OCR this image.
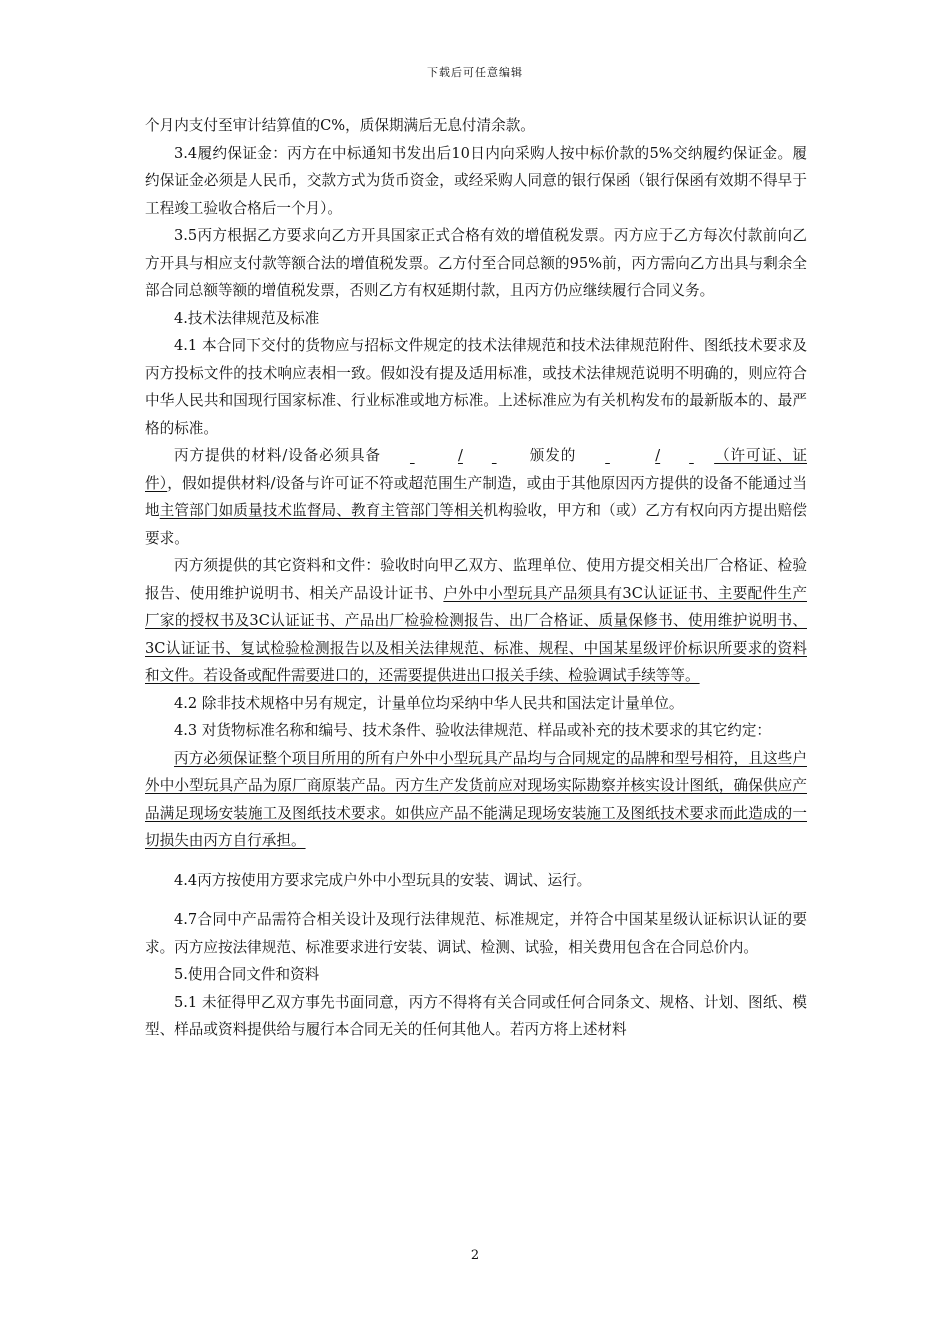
下载后可任意编辑

个月内支付至审计结算值的C%，质保期满后无息付清余款。

3.4履约保证金：丙方在中标通知书发出后10日内向采购人按中标价款的5%交纳履约保证金。履约保证金必须是人民币，交款方式为货币资金，或经采购人同意的银行保函（银行保函有效期不得早于工程竣工验收合格后一个月）。

3.5丙方根据乙方要求向乙方开具国家正式合格有效的增值税发票。丙方应于乙方每次付款前向乙方开具与相应支付款等额合法的增值税发票。乙方付至合同总额的95%前，丙方需向乙方出具与剩余全部合同总额等额的增值税发票，否则乙方有权延期付款，且丙方仍应继续履行合同义务。

4.技术法律规范及标准

4.1 本合同下交付的货物应与招标文件规定的技术法律规范和技术法律规范附件、图纸技术要求及丙方投标文件的技术响应表相一致。假如没有提及适用标准，或技术法律规范说明不明确的，则应符合中华人民共和国现行国家标准、行业标准或地方标准。上述标准应为有关机构发布的最新版本的、最严格的标准。

丙方提供的材料/设备必须具备	/	颁发的	/	（许可证、证件），假如提供材料/设备与许可证不符或超范围生产制造，或由于其他原因丙方提供的设备不能通过当地主管部门如质量技术监督局、教育主管部门等相关机构验收，甲方和（或）乙方有权向丙方提出赔偿要求。

丙方须提供的其它资料和文件：验收时向甲乙双方、监理单位、使用方提交相关出厂合格证、检验报告、使用维护说明书、相关产品设计证书、户外中小型玩具产品须具有3C认证证书、主要配件生产厂家的授权书及3C认证证书、产品出厂检验检测报告、出厂合格证、质量保修书、使用维护说明书、3C认证证书、复试检验检测报告以及相关法律规范、标准、规程、中国某星级评价标识所要求的资料和文件。若设备或配件需要进口的，还需要提供进出口报关手续、检验调试手续等等。

4.2 除非技术规格中另有规定，计量单位均采纳中华人民共和国法定计量单位。

4.3 对货物标准名称和编号、技术条件、验收法律规范、样品或补充的技术要求的其它约定：

丙方必须保证整个项目所用的所有户外中小型玩具产品均与合同规定的品牌和型号相符，且这些户外中小型玩具产品为原厂商原装产品。丙方生产发货前应对现场实际勘察并核实设计图纸，确保供应产品满足现场安装施工及图纸技术要求。如供应产品不能满足现场安装施工及图纸技术要求而此造成的一切损失由丙方自行承担。

4.4丙方按使用方要求完成户外中小型玩具的安装、调试、运行。

4.7合同中产品需符合相关设计及现行法律规范、标准规定，并符合中国某星级认证标识认证的要求。丙方应按法律规范、标准要求进行安装、调试、检测、试验，相关费用包含在合同总价内。

5.使用合同文件和资料

5.1 未征得甲乙双方事先书面同意，丙方不得将有关合同或任何合同条文、规格、计划、图纸、模型、样品或资料提供给与履行本合同无关的任何其他人。若丙方将上述材料

2
